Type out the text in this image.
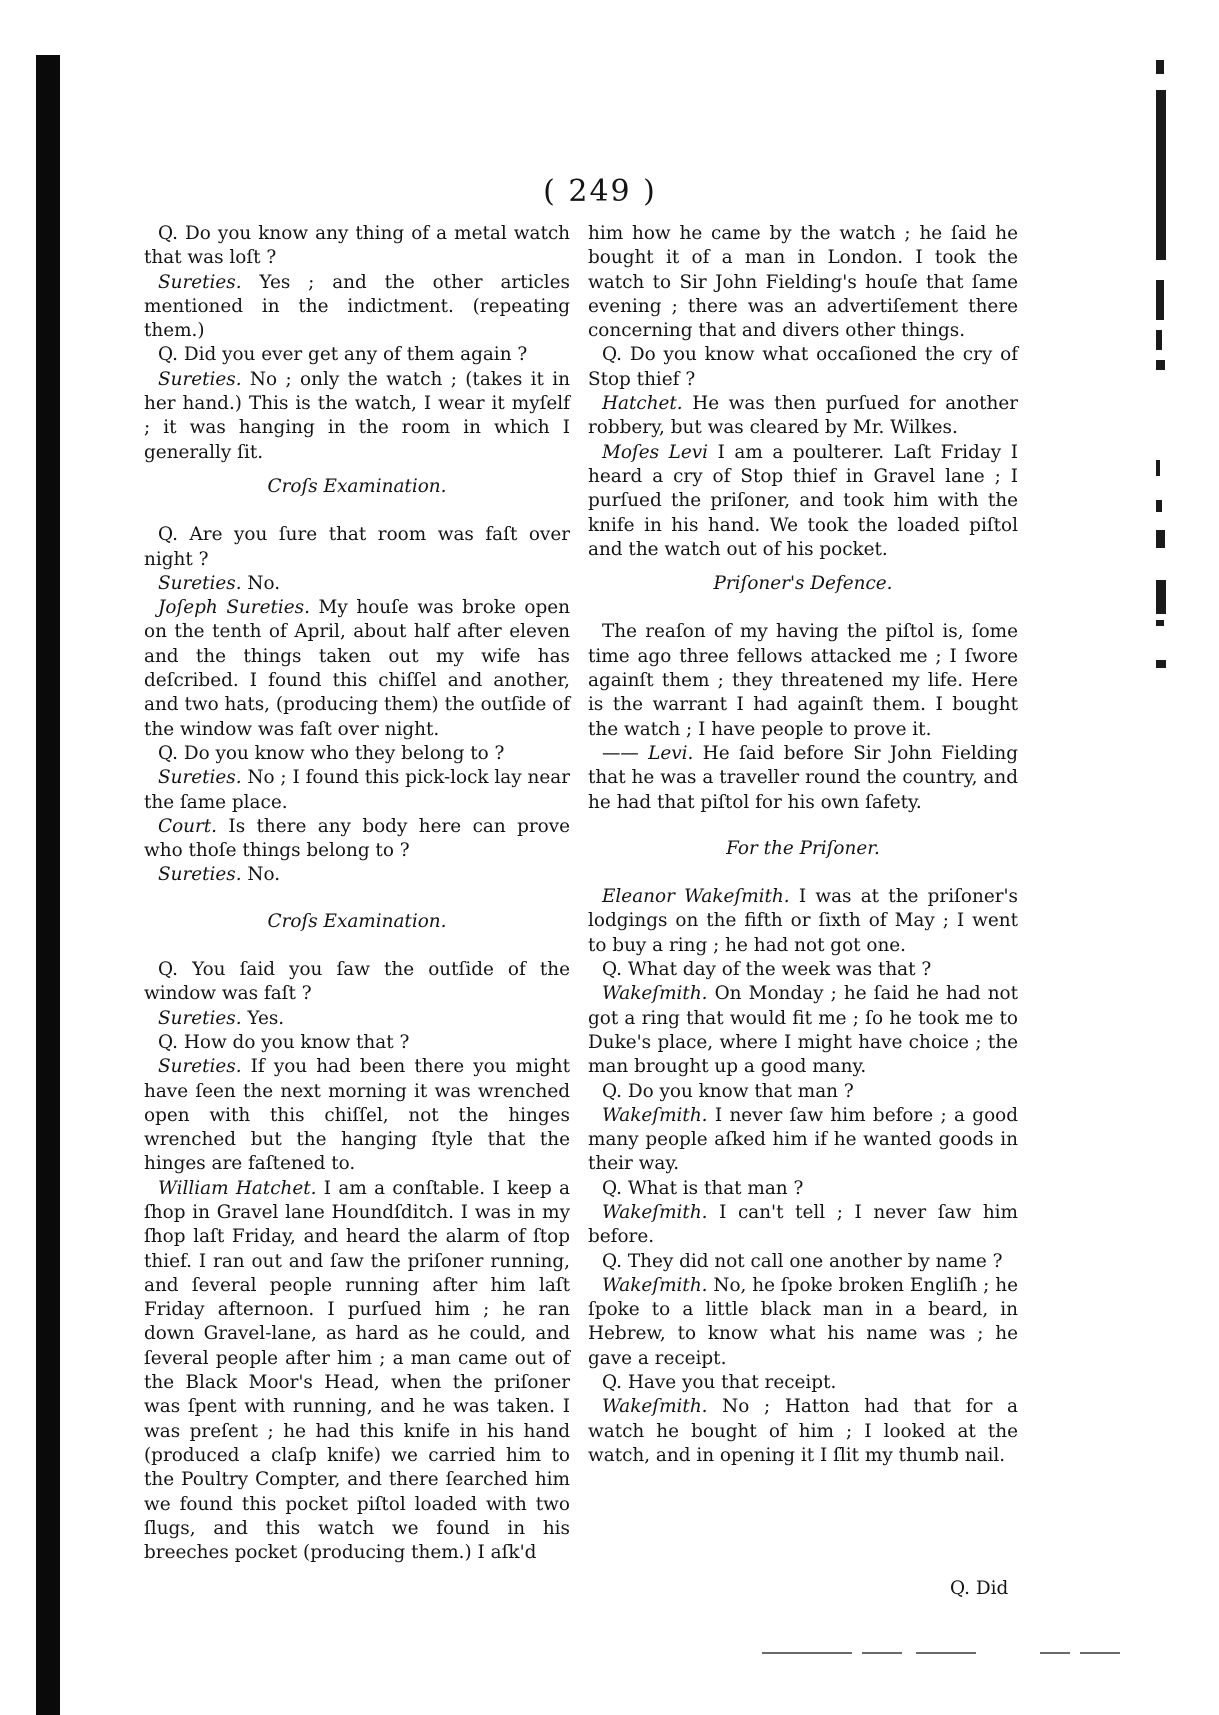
( 249 )

Q. Do you know any thing of a metal watch that was loſt ?

Sureties. Yes ; and the other articles mentioned in the indictment. (repeating them.)

Q. Did you ever get any of them again ?

Sureties. No ; only the watch ; (takes it in her hand.) This is the watch, I wear it myſelf ; it was hanging in the room in which I generally ſit.

Croſs Examination.

Q. Are you ſure that room was faſt over night ?

Sureties. No.

Joſeph Sureties. My houſe was broke open on the tenth of April, about half after eleven and the things taken out my wife has deſcribed. I found this chiſſel and another, and two hats, (producing them) the outſide of the window was faſt over night.

Q. Do you know who they belong to ?

Sureties. No ; I found this pick-lock lay near the ſame place.

Court. Is there any body here can prove who thoſe things belong to ?

Sureties. No.

Croſs Examination.

Q. You ſaid you ſaw the outſide of the window was faſt ?

Sureties. Yes.

Q. How do you know that ?

Sureties. If you had been there you might have ſeen the next morning it was wrenched open with this chiſſel, not the hinges wrenched but the hanging ſtyle that the hinges are faſtened to.

William Hatchet. I am a conſtable. I keep a ſhop in Gravel lane Houndſditch. I was in my ſhop laſt Friday, and heard the alarm of ſtop thief. I ran out and ſaw the priſoner running, and ſeveral people running after him laſt Friday afternoon. I purſued him ; he ran down Gravel-lane, as hard as he could, and ſeveral people after him ; a man came out of the Black Moor's Head, when the priſoner was ſpent with running, and he was taken. I was preſent ; he had this knife in his hand (produced a claſp knife) we carried him to the Poultry Compter, and there ſearched him we found this pocket piſtol loaded with two ſlugs, and this watch we found in his breeches pocket (producing them.) I aſk'd

him how he came by the watch ; he ſaid he bought it of a man in London. I took the watch to Sir John Fielding's houſe that ſame evening ; there was an advertiſement there concerning that and divers other things.

Q. Do you know what occaſioned the cry of Stop thief ?

Hatchet. He was then purſued for another robbery, but was cleared by Mr. Wilkes.

Moſes Levi I am a poulterer. Laſt Friday I heard a cry of Stop thief in Gravel lane ; I purſued the priſoner, and took him with the knife in his hand. We took the loaded piſtol and the watch out of his pocket.

Priſoner's Defence.

The reaſon of my having the piſtol is, ſome time ago three fellows attacked me ; I ſwore againſt them ; they threatened my life. Here is the warrant I had againſt them. I bought the watch ; I have people to prove it.

—— Levi. He ſaid before Sir John Fielding that he was a traveller round the country, and he had that piſtol for his own ſafety.

For the Priſoner.

Eleanor Wakeſmith. I was at the priſoner's lodgings on the fifth or ſixth of May ; I went to buy a ring ; he had not got one.

Q. What day of the week was that ?

Wakeſmith. On Monday ; he ſaid he had not got a ring that would fit me ; ſo he took me to Duke's place, where I might have choice ; the man brought up a good many.

Q. Do you know that man ?

Wakeſmith. I never ſaw him before ; a good many people aſked him if he wanted goods in their way.

Q. What is that man ?

Wakeſmith. I can't tell ; I never ſaw him before.

Q. They did not call one another by name ?

Wakeſmith. No, he ſpoke broken Engliſh ; he ſpoke to a little black man in a beard, in Hebrew, to know what his name was ; he gave a receipt.

Q. Have you that receipt.

Wakeſmith. No ; Hatton had that for a watch he bought of him ; I looked at the watch, and in opening it I ſlit my thumb nail.

Q. Did
